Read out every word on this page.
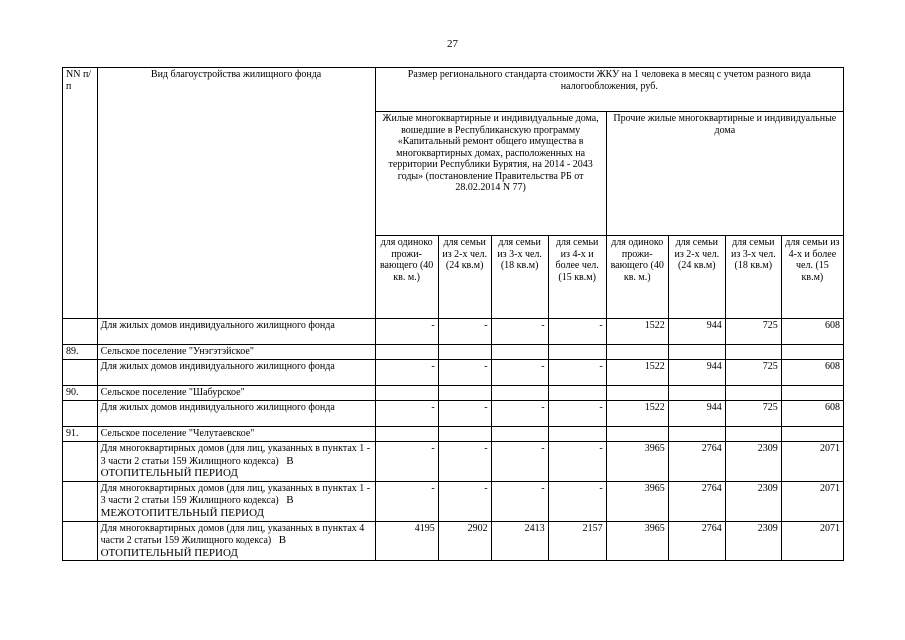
27
NN п/п	Вид благоустройства жилищного фонда	Размер регионального стандарта стоимости ЖКУ на 1 человека в месяц с учетом разного вида налогообложения, руб.							
		Жилые многоквартирные и индивидуальные дома, вошедшие в Республиканскую программу «Капитальный ремонт общего имущества в многоквартирных домах, расположенных на территории Республики Бурятия, на 2014 - 2043 годы» (постановление Правительства РБ от 28.02.2014 N 77)				Прочие жилые многоквартирные и индивидуальные дома			
		для одиноко прожи-вающего (40 кв. м.)	для семьи из 2-х чел. (24 кв.м)	для семьи из 3-х чел. (18 кв.м)	для семьи из 4-х и более чел. (15 кв.м)	для одиноко прожи-вающего (40 кв. м.)	для семьи из 2-х чел. (24 кв.м)	для семьи из 3-х чел. (18 кв.м)	для семьи из 4-х и более чел. (15 кв.м)
	Для жилых домов индивидуального жилищного фонда	-	-	-	-	1522	944	725	608
89.	Сельское поселение "Унэгэтэйское"								
	Для жилых домов индивидуального жилищного фонда	-	-	-	-	1522	944	725	608
90.	Сельское поселение "Шабурское"								
	Для жилых домов индивидуального жилищного фонда	-	-	-	-	1522	944	725	608
91.	Сельское поселение "Челутаевское"								
	Для многоквартирных домов (для лиц, указанных в пунктах 1 - 3 части 2 статьи 159 Жилищного кодекса) В ОТОПИТЕЛЬНЫЙ ПЕРИОД	-	-	-	-	3965	2764	2309	2071
	Для многоквартирных домов (для лиц, указанных в пунктах 1 - 3 части 2 статьи 159 Жилищного кодекса) В МЕЖОТОПИТЕЛЬНЫЙ ПЕРИОД	-	-	-	-	3965	2764	2309	2071
	Для многоквартирных домов (для лиц, указанных в пунктах 4 части 2 статьи 159 Жилищного кодекса) В ОТОПИТЕЛЬНЫЙ ПЕРИОД	4195	2902	2413	2157	3965	2764	2309	2071
